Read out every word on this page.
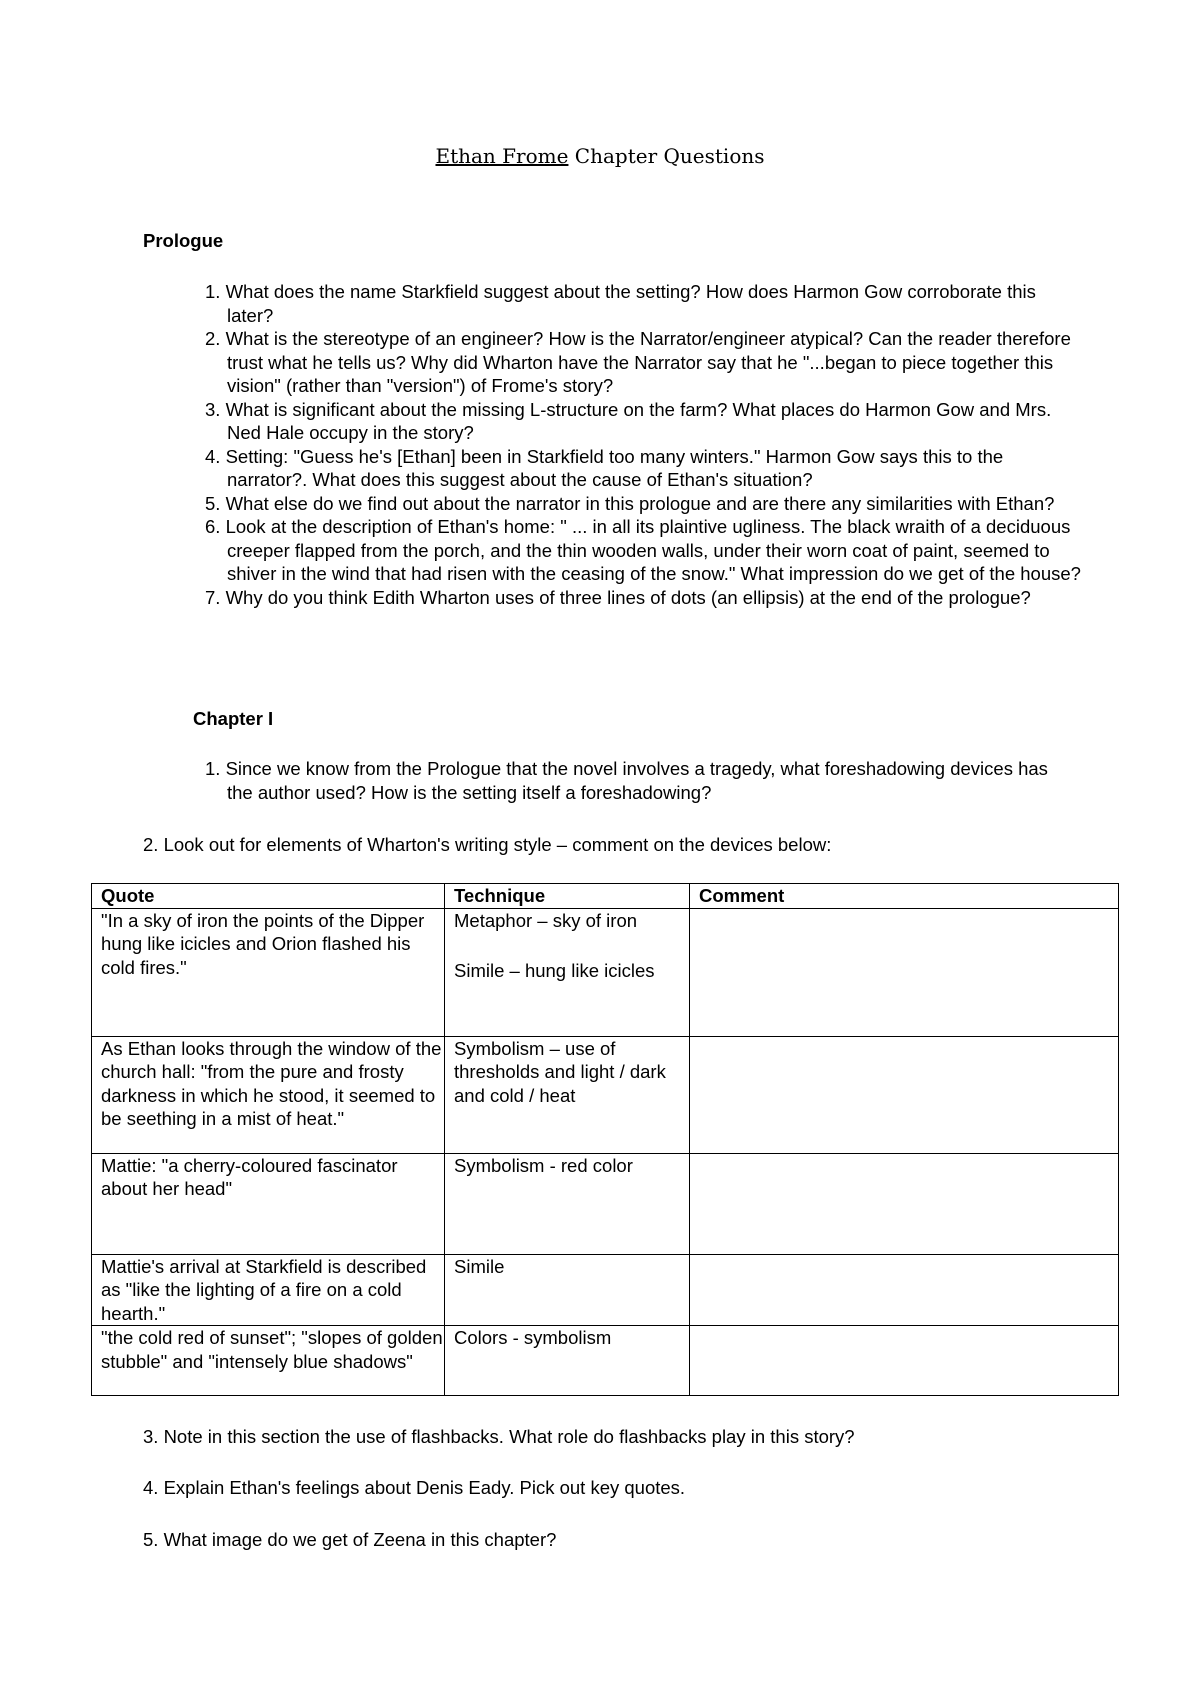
Ethan Frome Chapter Questions
Prologue
1. What does the name Starkfield suggest about the setting? How does Harmon Gow corroborate this later?
2. What is the stereotype of an engineer? How is the Narrator/engineer atypical? Can the reader therefore trust what he tells us? Why did Wharton have the Narrator say that he "...began to piece together this vision" (rather than "version") of Frome's story?
3. What is significant about the missing L-structure on the farm? What places do Harmon Gow and Mrs. Ned Hale occupy in the story?
4. Setting: "Guess he's [Ethan] been in Starkfield too many winters." Harmon Gow says this to the narrator?. What does this suggest about the cause of Ethan's situation?
5. What else do we find out about the narrator in this prologue and are there any similarities with Ethan?
6. Look at the description of Ethan's home: " ... in all its plaintive ugliness. The black wraith of a deciduous creeper flapped from the porch, and the thin wooden walls, under their worn coat of paint, seemed to shiver in the wind that had risen with the ceasing of the snow." What impression do we get of the house?
7. Why do you think Edith Wharton uses of three lines of dots (an ellipsis) at the end of the prologue?
Chapter I
1. Since we know from the Prologue that the novel involves a tragedy, what foreshadowing devices has the author used? How is the setting itself a foreshadowing?
2. Look out for elements of Wharton's writing style – comment on the devices below:
Quote	Technique	Comment
"In a sky of iron the points of the Dipper hung like icicles and Orion flashed his cold fires."	Metaphor – sky of iron
Simile – hung like icicles	

As Ethan looks through the window of the church hall: "from the pure and frosty darkness in which he stood, it seemed to be seething in a mist of heat."	Symbolism – use of thresholds and light / dark and cold / heat	

Mattie: "a cherry-coloured fascinator about her head"	Symbolism - red color	

Mattie's arrival at Starkfield is described as "like the lighting of a fire on a cold hearth."	Simile	

"the cold red of sunset"; "slopes of golden stubble" and "intensely blue shadows"	Colors - symbolism	

3. Note in this section the use of flashbacks. What role do flashbacks play in this story?
4. Explain Ethan's feelings about Denis Eady. Pick out key quotes.
5. What image do we get of Zeena in this chapter?
